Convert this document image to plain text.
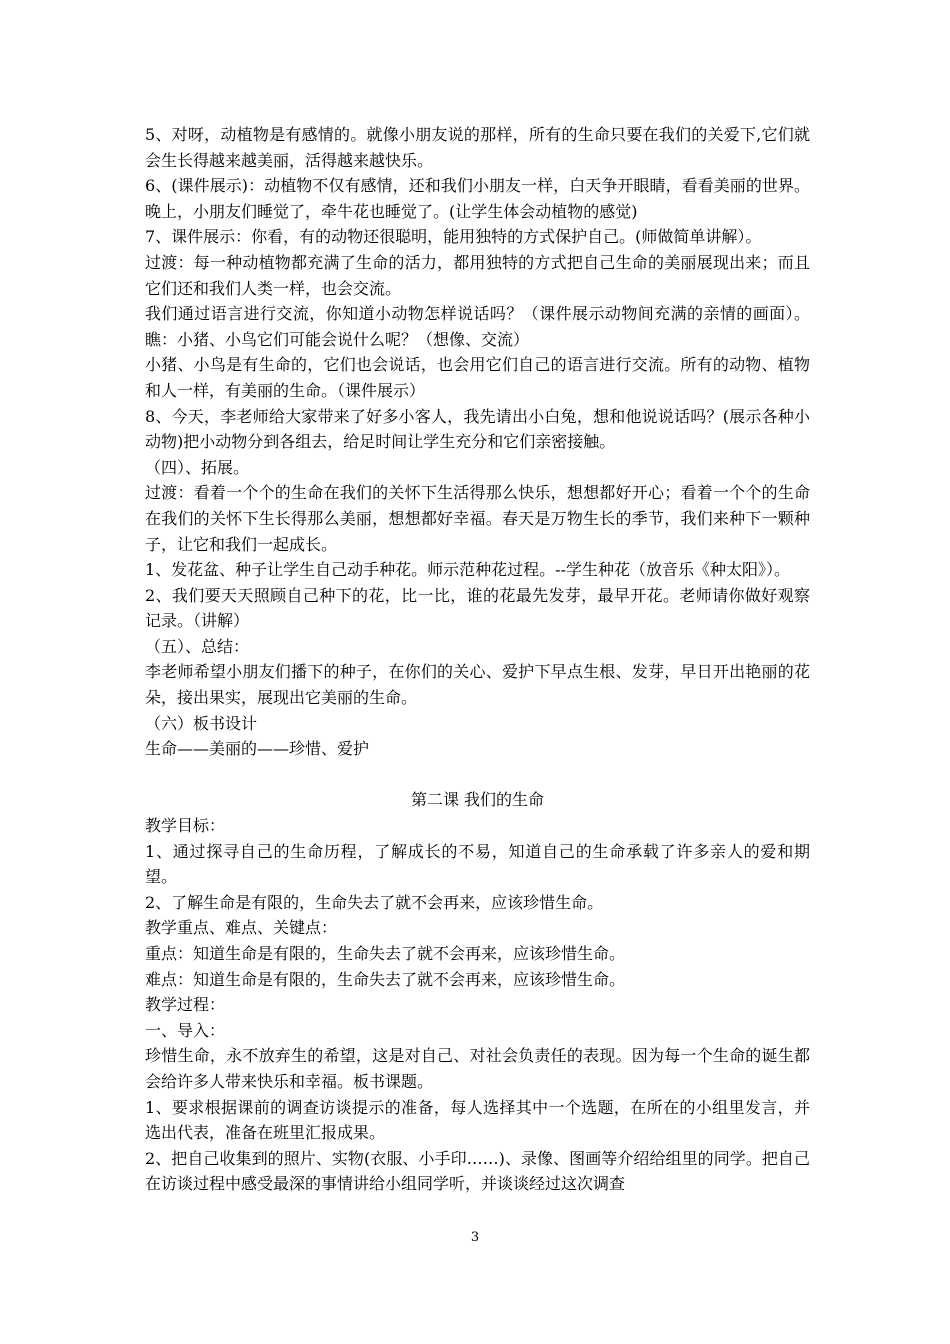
5、对呀，动植物是有感情的。就像小朋友说的那样，所有的生命只要在我们的关爱下,它们就会生长得越来越美丽，活得越来越快乐。

6、(课件展示)：动植物不仅有感情，还和我们小朋友一样，白天争开眼睛，看看美丽的世界。晚上，小朋友们睡觉了，牵牛花也睡觉了。(让学生体会动植物的感觉)

7、课件展示：你看，有的动物还很聪明，能用独特的方式保护自己。(师做简单讲解）。

过渡：每一种动植物都充满了生命的活力，都用独特的方式把自己生命的美丽展现出来；而且它们还和我们人类一样，也会交流。

我们通过语言进行交流，你知道小动物怎样说话吗？（课件展示动物间充满的亲情的画面）。瞧：小猪、小鸟它们可能会说什么呢？（想像、交流）

小猪、小鸟是有生命的，它们也会说话，也会用它们自己的语言进行交流。所有的动物、植物和人一样，有美丽的生命。（课件展示）

8、今天，李老师给大家带来了好多小客人，我先请出小白兔，想和他说说话吗？(展示各种小动物)把小动物分到各组去，给足时间让学生充分和它们亲密接触。

（四）、拓展。

过渡：看着一个个的生命在我们的关怀下生活得那么快乐，想想都好开心；看着一个个的生命在我们的关怀下生长得那么美丽，想想都好幸福。春天是万物生长的季节，我们来种下一颗种子，让它和我们一起成长。

1、发花盆、种子让学生自己动手种花。师示范种花过程。--学生种花（放音乐《种太阳》）。

2、我们要天天照顾自己种下的花，比一比，谁的花最先发芽，最早开花。老师请你做好观察记录。（讲解）

（五）、总结：

李老师希望小朋友们播下的种子，在你们的关心、爱护下早点生根、发芽，早日开出艳丽的花朵，接出果实，展现出它美丽的生命。

（六）板书设计

生命——美丽的——珍惜、爱护

第二课 我们的生命

教学目标：

1、通过探寻自己的生命历程，了解成长的不易，知道自己的生命承载了许多亲人的爱和期望。

2、了解生命是有限的，生命失去了就不会再来，应该珍惜生命。

教学重点、难点、关键点：

重点：知道生命是有限的，生命失去了就不会再来，应该珍惜生命。

难点：知道生命是有限的，生命失去了就不会再来，应该珍惜生命。

教学过程：

一、导入：

珍惜生命，永不放弃生的希望，这是对自己、对社会负责任的表现。因为每一个生命的诞生都会给许多人带来快乐和幸福。板书课题。

1、要求根据课前的调查访谈提示的准备，每人选择其中一个选题，在所在的小组里发言，并选出代表，准备在班里汇报成果。

2、把自己收集到的照片、实物(衣服、小手印……)、录像、图画等介绍给组里的同学。把自己在访谈过程中感受最深的事情讲给小组同学听，并谈谈经过这次调查

3
